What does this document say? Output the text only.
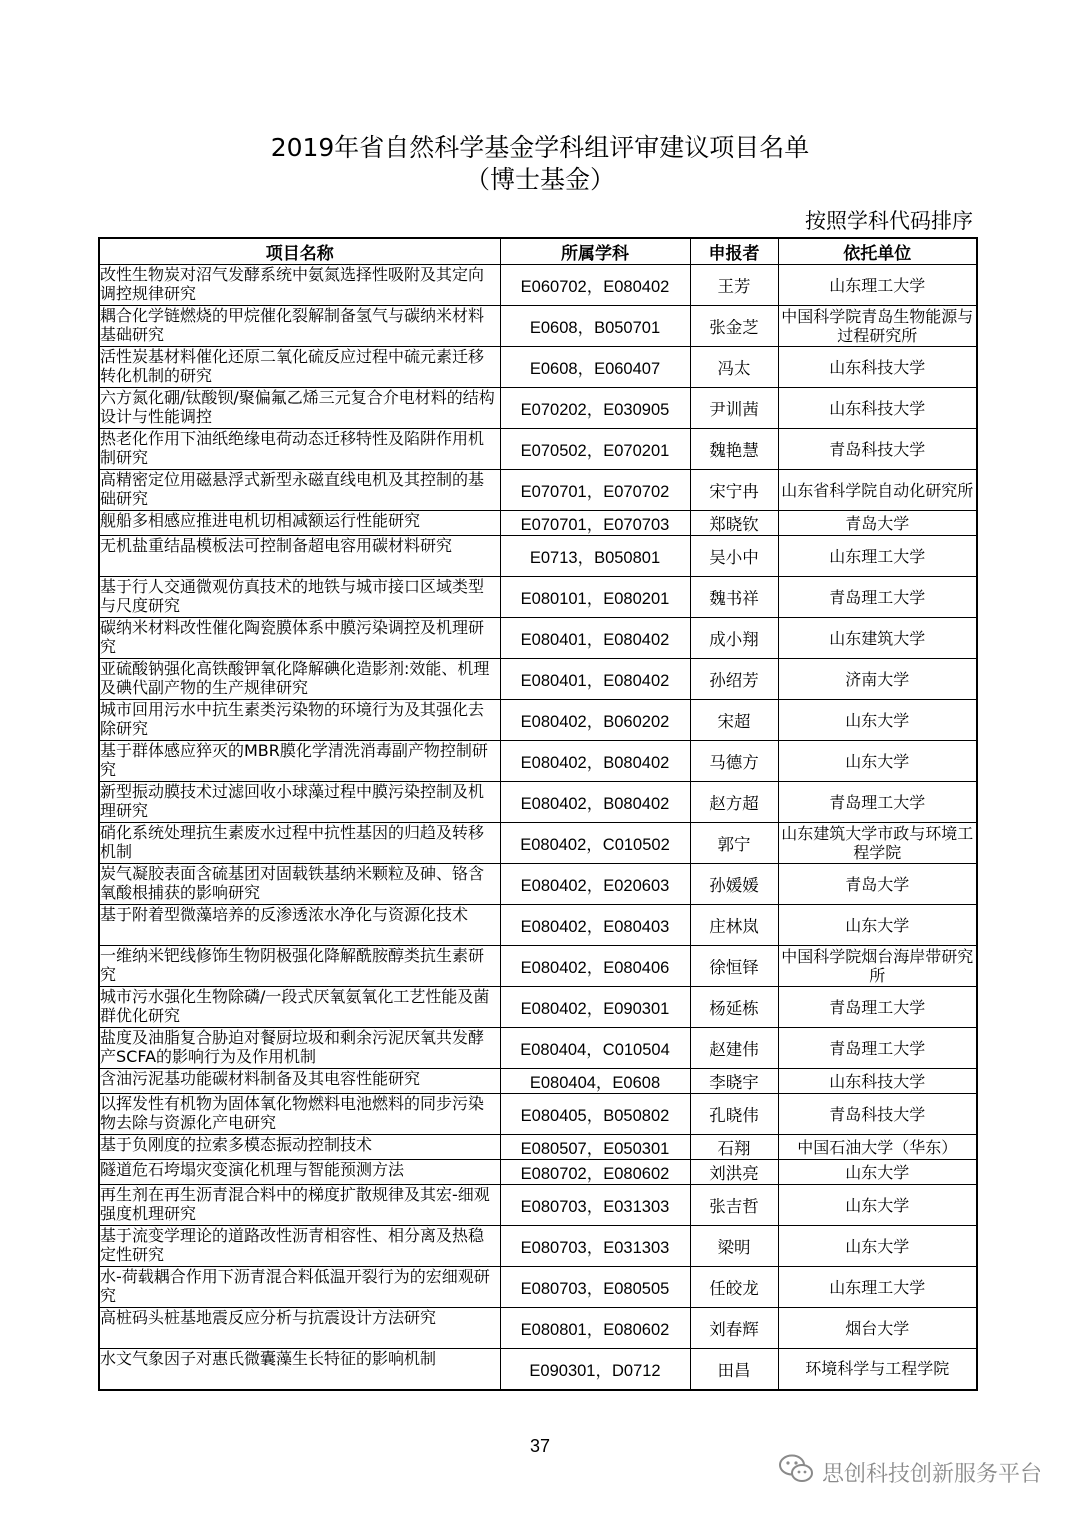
2019年省自然科学基金学科组评审建议项目名单
（博士基金）
按照学科代码排序
项目名称	所属学科	申报者	依托单位
改性生物炭对沼气发酵系统中氨氮选择性吸附及其定向调控规律研究	E060702，E080402	王芳	山东理工大学
耦合化学链燃烧的甲烷催化裂解制备氢气与碳纳米材料基础研究	E0608，B050701	张金芝	中国科学院青岛生物能源与过程研究所
活性炭基材料催化还原二氧化硫反应过程中硫元素迁移转化机制的研究	E0608，E060407	冯太	山东科技大学
六方氮化硼/钛酸钡/聚偏氟乙烯三元复合介电材料的结构设计与性能调控	E070202，E030905	尹训茜	山东科技大学
热老化作用下油纸绝缘电荷动态迁移特性及陷阱作用机制研究	E070502，E070201	魏艳慧	青岛科技大学
高精密定位用磁悬浮式新型永磁直线电机及其控制的基础研究	E070701，E070702	宋宁冉	山东省科学院自动化研究所
舰船多相感应推进电机切相减额运行性能研究	E070701，E070703	郑晓钦	青岛大学
无机盐重结晶模板法可控制备超电容用碳材料研究	E0713，B050801	吴小中	山东理工大学
基于行人交通微观仿真技术的地铁与城市接口区域类型与尺度研究	E080101，E080201	魏书祥	青岛理工大学
碳纳米材料改性催化陶瓷膜体系中膜污染调控及机理研究	E080401，E080402	成小翔	山东建筑大学
亚硫酸钠强化高铁酸钾氧化降解碘化造影剂:效能、机理及碘代副产物的生产规律研究	E080401，E080402	孙绍芳	济南大学
城市回用污水中抗生素类污染物的环境行为及其强化去除研究	E080402，B060202	宋超	山东大学
基于群体感应猝灭的MBR膜化学清洗消毒副产物控制研究	E080402，B080402	马德方	山东大学
新型振动膜技术过滤回收小球藻过程中膜污染控制及机理研究	E080402，B080402	赵方超	青岛理工大学
硝化系统处理抗生素废水过程中抗性基因的归趋及转移机制	E080402，C010502	郭宁	山东建筑大学市政与环境工程学院
炭气凝胶表面含硫基团对固载铁基纳米颗粒及砷、铬含氧酸根捕获的影响研究	E080402，E020603	孙媛媛	青岛大学
基于附着型微藻培养的反渗透浓水净化与资源化技术	E080402，E080403	庄林岚	山东大学
一维纳米钯线修饰生物阴极强化降解酰胺醇类抗生素研究	E080402，E080406	徐恒铎	中国科学院烟台海岸带研究所
城市污水强化生物除磷/一段式厌氧氨氧化工艺性能及菌群优化研究	E080402，E090301	杨延栋	青岛理工大学
盐度及油脂复合胁迫对餐厨垃圾和剩余污泥厌氧共发酵产SCFA的影响行为及作用机制	E080404，C010504	赵建伟	青岛理工大学
含油污泥基功能碳材料制备及其电容性能研究	E080404，E0608	李晓宇	山东科技大学
以挥发性有机物为固体氧化物燃料电池燃料的同步污染物去除与资源化产电研究	E080405，B050802	孔晓伟	青岛科技大学
基于负刚度的拉索多模态振动控制技术	E080507，E050301	石翔	中国石油大学（华东）
隧道危石垮塌灾变演化机理与智能预测方法	E080702，E080602	刘洪亮	山东大学
再生剂在再生沥青混合料中的梯度扩散规律及其宏-细观强度机理研究	E080703，E031303	张吉哲	山东大学
基于流变学理论的道路改性沥青相容性、相分离及热稳定性研究	E080703，E031303	梁明	山东大学
水-荷载耦合作用下沥青混合料低温开裂行为的宏细观研究	E080703，E080505	任皎龙	山东理工大学
高桩码头桩基地震反应分析与抗震设计方法研究	E080801，E080602	刘春辉	烟台大学
水文气象因子对惠氏微囊藻生长特征的影响机制	E090301，D0712	田昌	环境科学与工程学院
37
思创科技创新服务平台
